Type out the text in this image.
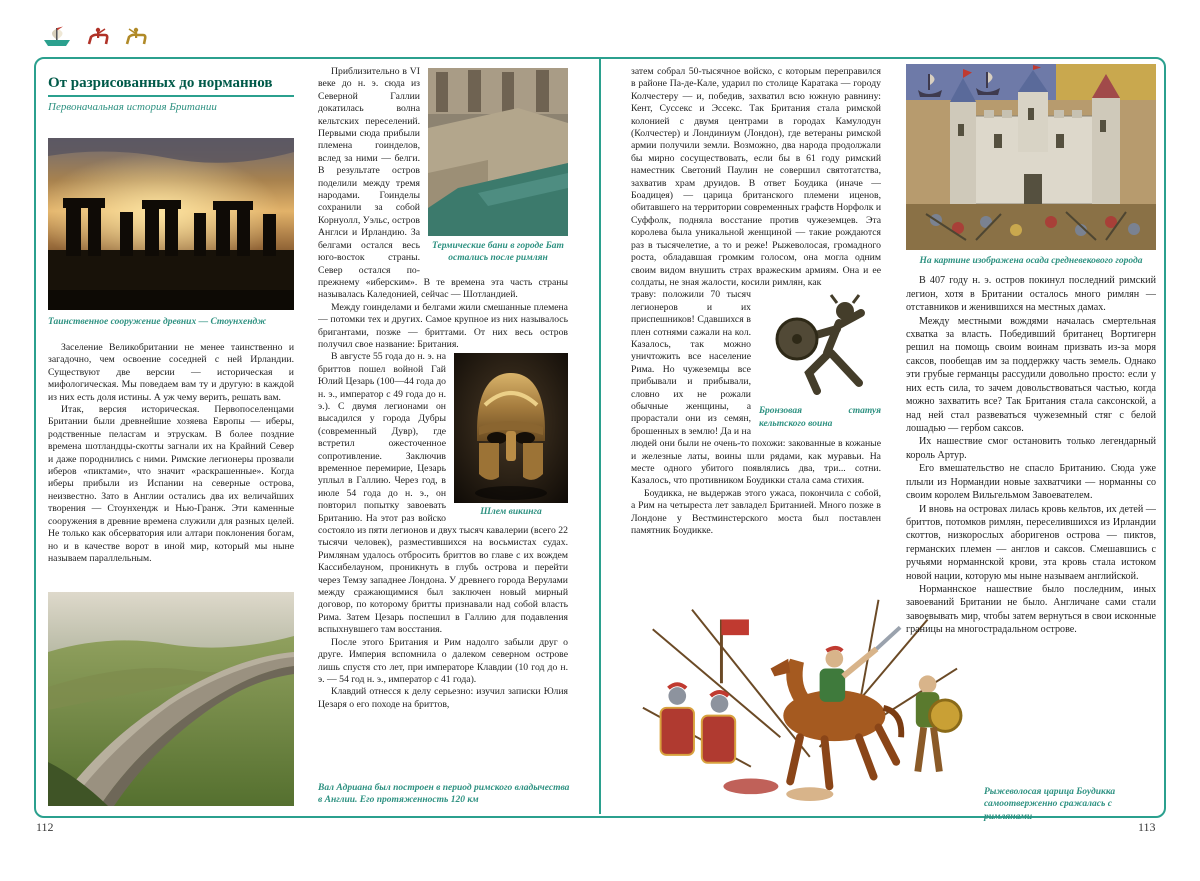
112	113
От разрисованных до норманнов
Первоначальная история Британии
Таинственное сооружение древних — Стоунхендж

Заселение Великобритании не менее таинственно и загадочно, чем освоение соседней с ней Ирландии. Существуют две версии — историческая и мифологическая. Мы поведаем вам ту и другую: в каждой из них есть доля истины. А уж чему верить, решать вам.

Итак, версия историческая. Первопоселенцами Британии были древнейшие хозяева Европы — иберы, родственные пеласгам и этрускам. В более поздние времена шотландцы-скотты загнали их на Крайний Север и даже породнились с ними. Римские легионеры прозвали иберов «пиктами», что значит «раскрашенные». Когда иберы прибыли из Испании на северные острова, неизвестно. Зато в Англии остались два их величайших творения — Стоунхендж и Нью-Гранж. Эти каменные сооружения в древние времена служили для разных целей. Не только как обсерватория или алтари поклонения богам, но и в качестве ворот в иной мир, который мы ныне называем параллельным.

Термические бани в городе Бат остались после римлян

Приблизительно в VI веке до н. э. сюда из Северной Галлии докатилась волна кельтских переселений. Первыми сюда прибыли племена гоинделов, вслед за ними — белги. В результате остров поделили между тремя народами. Гоинделы сохранили за собой Корнуолл, Уэльс, остров Англси и Ирландию. За белгами остался весь юго-восток страны. Север остался по-прежнему «иберским». В те времена эта часть страны называлась Каледонией, сейчас — Шотландией.

Между гоинделами и белгами жили смешанные племена — потомки тех и других. Самое крупное из них называлось бригантами, позже — бриттами. От них весь остров получил свое название: Британия.

Шлем викинга

В августе 55 года до н. э. на бриттов пошел войной Гай Юлий Цезарь (100—44 года до н. э., император с 49 года до н. э.). С двумя легионами он высадился у города Дубры (современный Дувр), где встретил ожесточенное сопротивление. Заключив временное перемирие, Цезарь уплыл в Галлию. Через год, в июле 54 года до н. э., он повторил попытку завоевать Британию. На этот раз войско состояло из пяти легионов и двух тысяч кавалерии (всего 22 тысячи человек), разместившихся на восьмистах судах. Римлянам удалось отбросить бриттов во главе с их вождем Кассибелауном, проникнуть в глубь острова и перейти через Темзу западнее Лондона. У древнего города Верулами между сражающимися был заключен новый мирный договор, по которому бритты признавали над собой власть Рима. Затем Цезарь поспешил в Галлию для подавления вспыхнувшего там восстания.

После этого Британия и Рим надолго забыли друг о друге. Империя вспомнила о далеком северном острове лишь спустя сто лет, при императоре Клавдии (10 год до н. э. — 54 год н. э., император с 41 года).

Клавдий отнесся к делу серьезно: изучил записки Юлия Цезаря о его походе на бриттов,

Вал Адриана был построен в период римского владычества в Англии. Его протяженность 120 км

затем собрал 50-тысячное войско, с которым переправился в районе Па-де-Кале, ударил по столице Каратака — городу Колчестеру — и, победив, захватил всю южную равнину: Кент, Суссекс и Эссекс. Так Британия стала римской колонией с двумя центрами в городах Камулодун (Колчестер) и Лондиниум (Лондон), где ветераны римской армии получили земли. Возможно, два народа продолжали бы мирно сосуществовать, если бы в 61 году римский наместник Светоний Паулин не совершил святотатства, захватив храм друидов. В ответ Боудика (иначе — Боадицея) — царица британского племени иценов, обитавшего на территории современных графств Норфолк и Суффолк, подняла восстание против чужеземцев. Эта королева была уникальной женщиной — такие рождаются раз в тысячелетие, а то и реже! Рыжеволосая, громадного роста, обладавшая громким голосом, она могла одним своим видом внушить страх вражеским армиям. Она и ее солдаты, не зная жалости, косили римлян, как

Бронзовая статуя кельтского воина

траву: положили 70 тысяч легионеров и их приспешников! Сдавшихся в плен сотнями сажали на кол. Казалось, так можно уничтожить все население Рима. Но чужеземцы все прибывали и прибывали, словно их не рожали обычные женщины, а прорастали они из семян, брошенных в землю! Да и на людей они были не очень-то похожи: закованные в кожаные и железные латы, воины шли рядами, как муравьи. На месте одного убитого появлялись два, три... сотни. Казалось, что противником Боудикки стала сама стихия.

Боудикка, не выдержав этого ужаса, покончила с собой, а Рим на четыреста лет завладел Британией. Много позже в Лондоне у Вестминстерского моста был поставлен памятник Боудикке.

Рыжеволосая царица Боудикка самоотверженно сражалась с римлянами
На картине изображена осада средневекового города

В 407 году н. э. остров покинул последний римский легион, хотя в Британии осталось много римлян — отставников и женившихся на местных дамах.

Между местными вождями началась смертельная схватка за власть. Победивший британец Вортигерн решил на помощь своим воинам призвать из-за моря саксов, пообещав им за поддержку часть земель. Однако эти грубые германцы рассудили довольно просто: если у них есть сила, то зачем довольствоваться частью, когда можно захватить все? Так Британия стала саксонской, а над ней стал развеваться чужеземный стяг с белой лошадью — гербом саксов.

Их нашествие смог остановить только легендарный король Артур.

Его вмешательство не спасло Британию. Сюда уже плыли из Нормандии новые захватчики — норманны со своим королем Вильгельмом Завоевателем.

И вновь на островах лилась кровь кельтов, их детей — бриттов, потомков римлян, переселившихся из Ирландии скоттов, низкорослых аборигенов острова — пиктов, германских племен — англов и саксов. Смешавшись с ручьями норманнской крови, эта кровь стала истоком новой нации, которую мы ныне называем английской.

Норманнское нашествие было последним, иных завоеваний Британии не было. Англичане сами стали завоевывать мир, чтобы затем вернуться в свои исконные границы на многострадальном острове.
